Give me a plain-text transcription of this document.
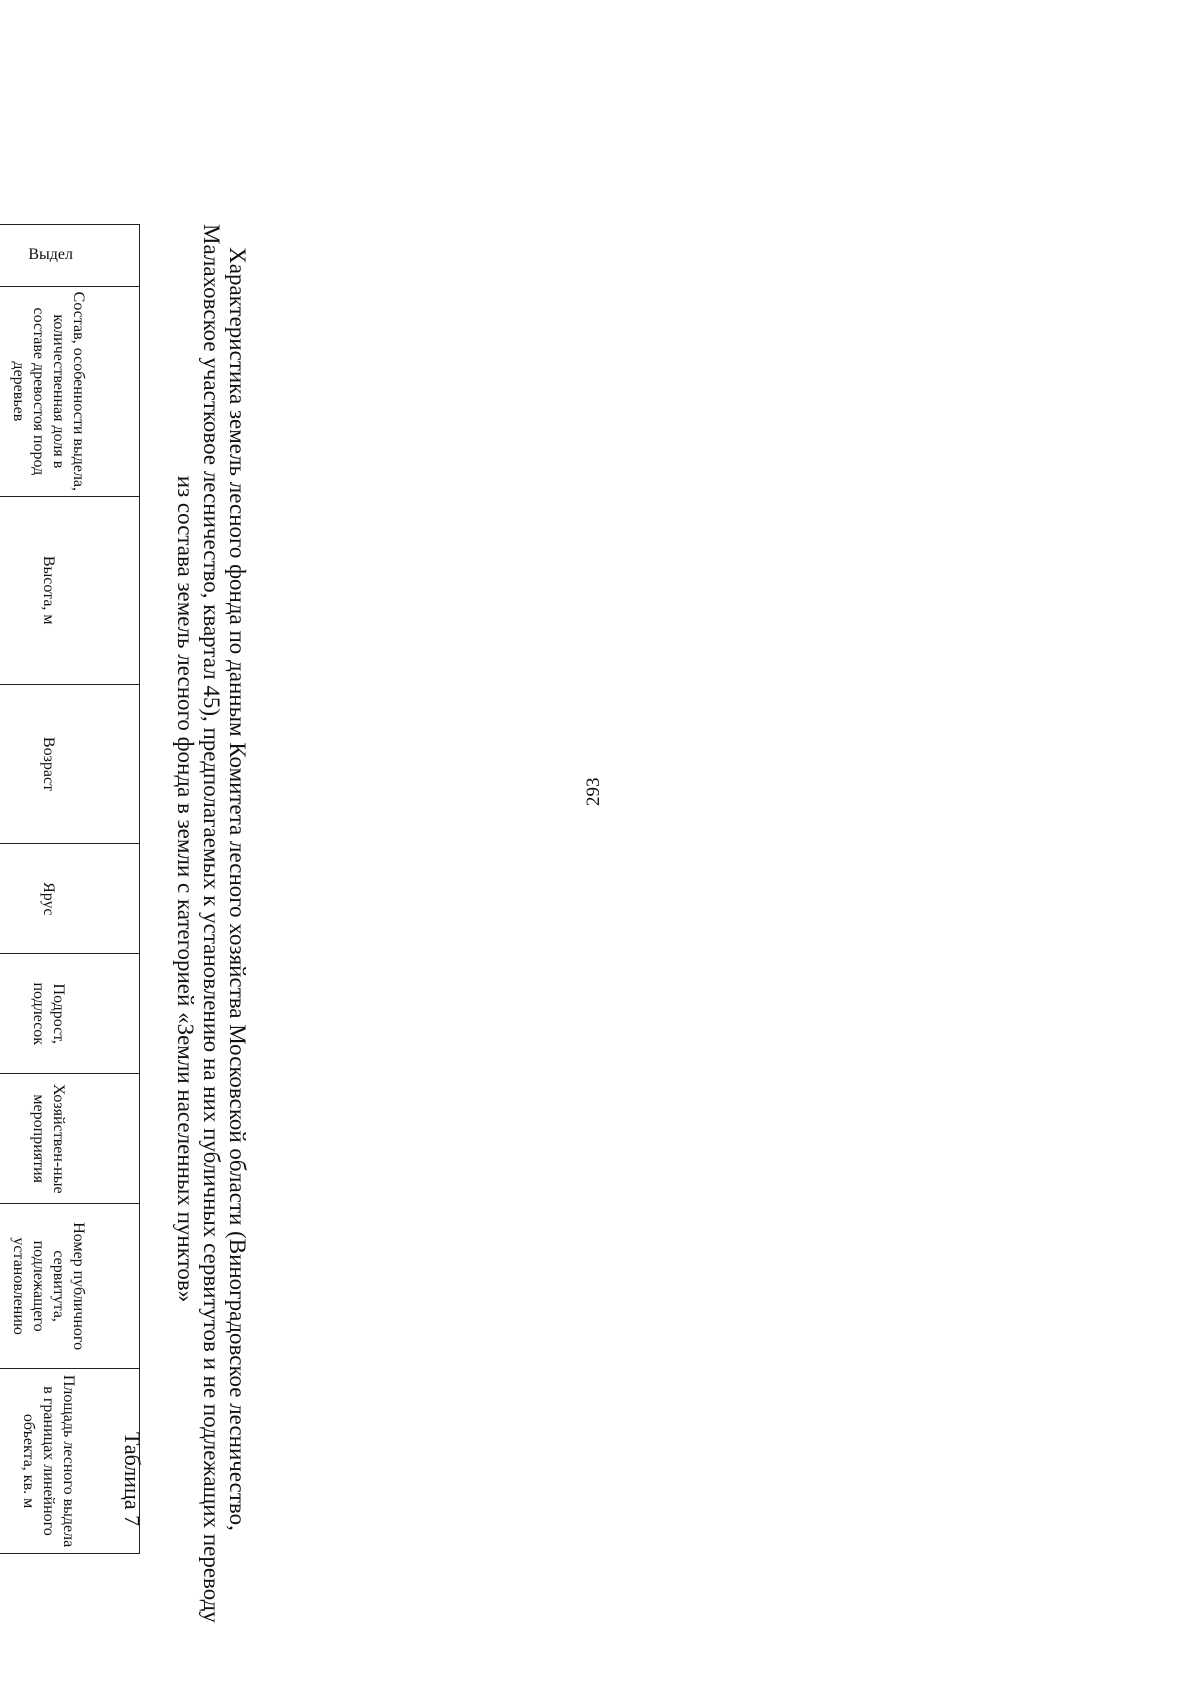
293
Таблица 7	Характеристика земель лесного фонда по данным Комитета лесного хозяйства Московской области (Виноградовское лесничество,
Малаховское участковое лесничество, квартал 45), предполагаемых к установлению на них публичных сервитутов и не подлежащих переводу
из состава земель лесного фонда в земли с категорией «Земли населенных пунктов»
Выдел	Состав, особенности выдела, количественная доля в составе древостоя пород деревьев	Высота, м	Возраст	Ярус	Подрост, подлесок	Хозяйствен-ные мероприятия	Номер публичного сервитута, подлежащего установлению	Площадь лесного выдела в границах линейного объекта, кв. м
